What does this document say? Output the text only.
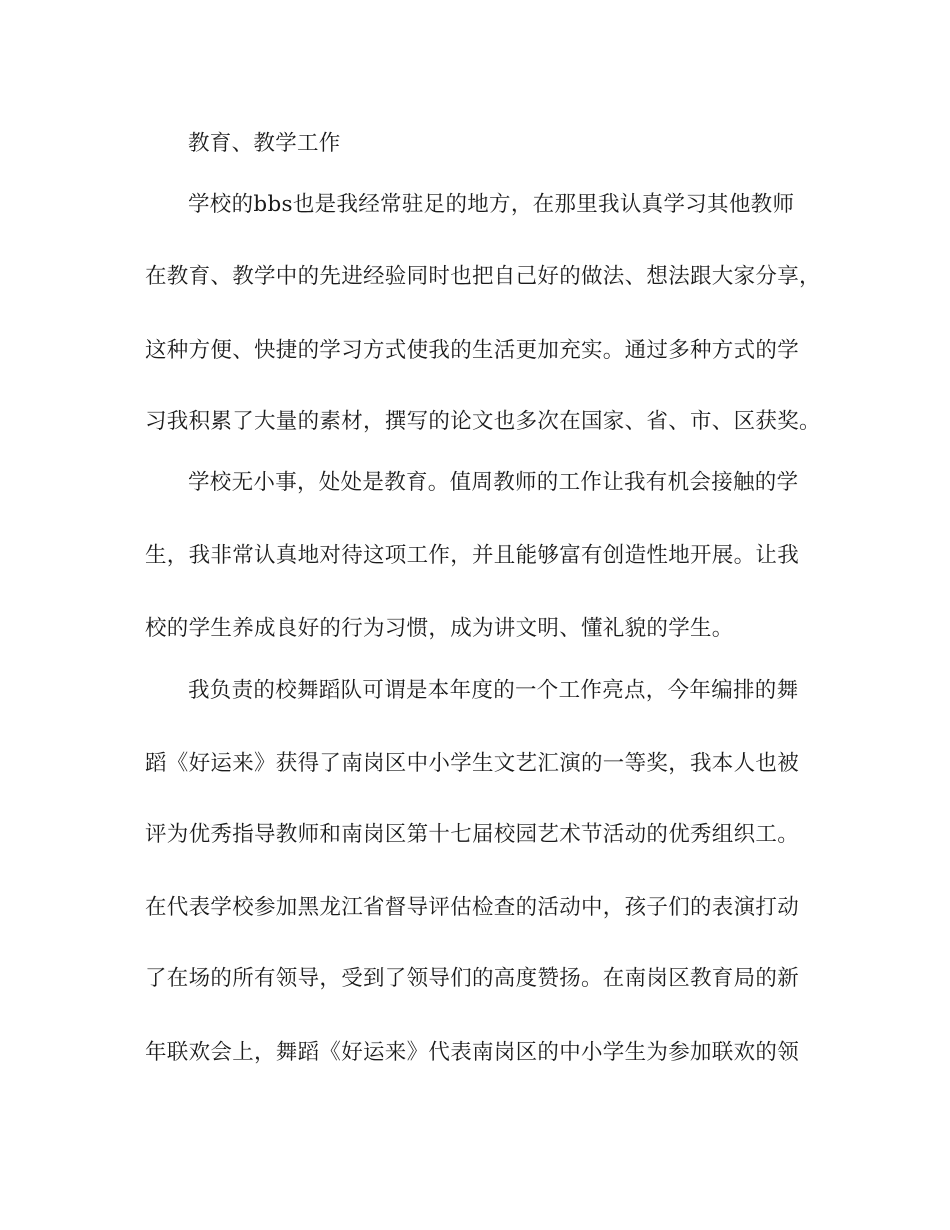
教育、教学工作
学校的bbs也是我经常驻足的地方，在那里我认真学习其他教师
在教育、教学中的先进经验同时也把自己好的做法、想法跟大家分享，
这种方便、快捷的学习方式使我的生活更加充实。通过多种方式的学
习我积累了大量的素材，撰写的论文也多次在国家、省、市、区获奖。
学校无小事，处处是教育。值周教师的工作让我有机会接触的学
生，我非常认真地对待这项工作，并且能够富有创造性地开展。让我
校的学生养成良好的行为习惯，成为讲文明、懂礼貌的学生。
我负责的校舞蹈队可谓是本年度的一个工作亮点，今年编排的舞
蹈《好运来》获得了南岗区中小学生文艺汇演的一等奖，我本人也被
评为优秀指导教师和南岗区第十七届校园艺术节活动的优秀组织工。
在代表学校参加黑龙江省督导评估检查的活动中，孩子们的表演打动
了在场的所有领导，受到了领导们的高度赞扬。在南岗区教育局的新
年联欢会上，舞蹈《好运来》代表南岗区的中小学生为参加联欢的领
